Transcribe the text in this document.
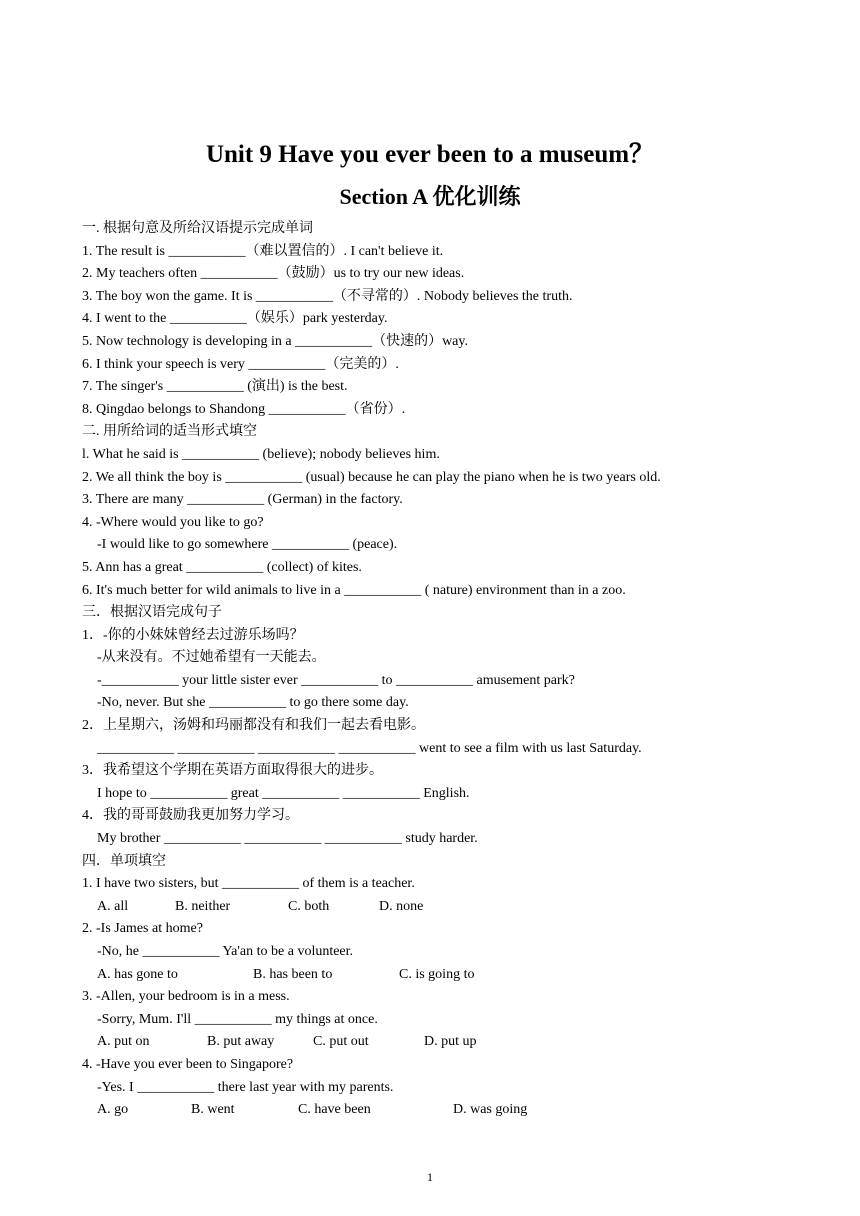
Unit 9 Have you ever been to a museum？
Section A 优化训练
一. 根据句意及所给汉语提示完成单词
1. The result is ___________（难以置信的）. I can't believe it.
2. My teachers often ___________（鼓励）us to try our new ideas.
3. The boy won the game. It is ___________（不寻常的）. Nobody believes the truth.
4. I went to the ___________（娱乐）park yesterday.
5. Now technology is developing in a ___________（快速的）way.
6. I think your speech is very ___________（完美的）.
7. The singer's ___________ (演出) is the best.
8. Qingdao belongs to Shandong ___________（省份）.
二. 用所给词的适当形式填空
l. What he said is ___________ (believe); nobody believes him.
2. We all think the boy is ___________ (usual) because he can play the piano when he is two years old.
3. There are many ___________ (German) in the factory.
4. -Where would you like to go?
-I would like to go somewhere ___________ (peace).
5. Ann has a great ___________ (collect) of kites.
6. It's much better for wild animals to live in a ___________ ( nature) environment than in a zoo.
三．根据汉语完成句子
1．-你的小妹妹曾经去过游乐场吗？
-从来没有。不过她希望有一天能去。
-___________ your little sister ever ___________ to ___________ amusement park?
-No, never. But she ___________ to go there some day.
2．上星期六，汤姆和玛丽都没有和我们一起去看电影。
___________ ___________ ___________ ___________ went to see a film with us last Saturday.
3．我希望这个学期在英语方面取得很大的进步。
I hope to ___________ great ___________ ___________ English.
4．我的哥哥鼓励我更加努力学习。
My brother ___________ ___________ ___________ study harder.
四．单项填空
1. I have two sisters, but ___________ of them is a teacher.
A. all	B. neither	C. both	D. none
2. -Is James at home?
-No, he ___________ Ya'an to be a volunteer.
A. has gone to	B. has been to	C. is going to
3. -Allen, your bedroom is in a mess.
-Sorry, Mum. I'll ___________ my things at once.
A. put on	B. put away	C. put out	D. put up
4. -Have you ever been to Singapore?
-Yes. I ___________ there last year with my parents.
A. go	B. went	C. have been	D. was going
1
